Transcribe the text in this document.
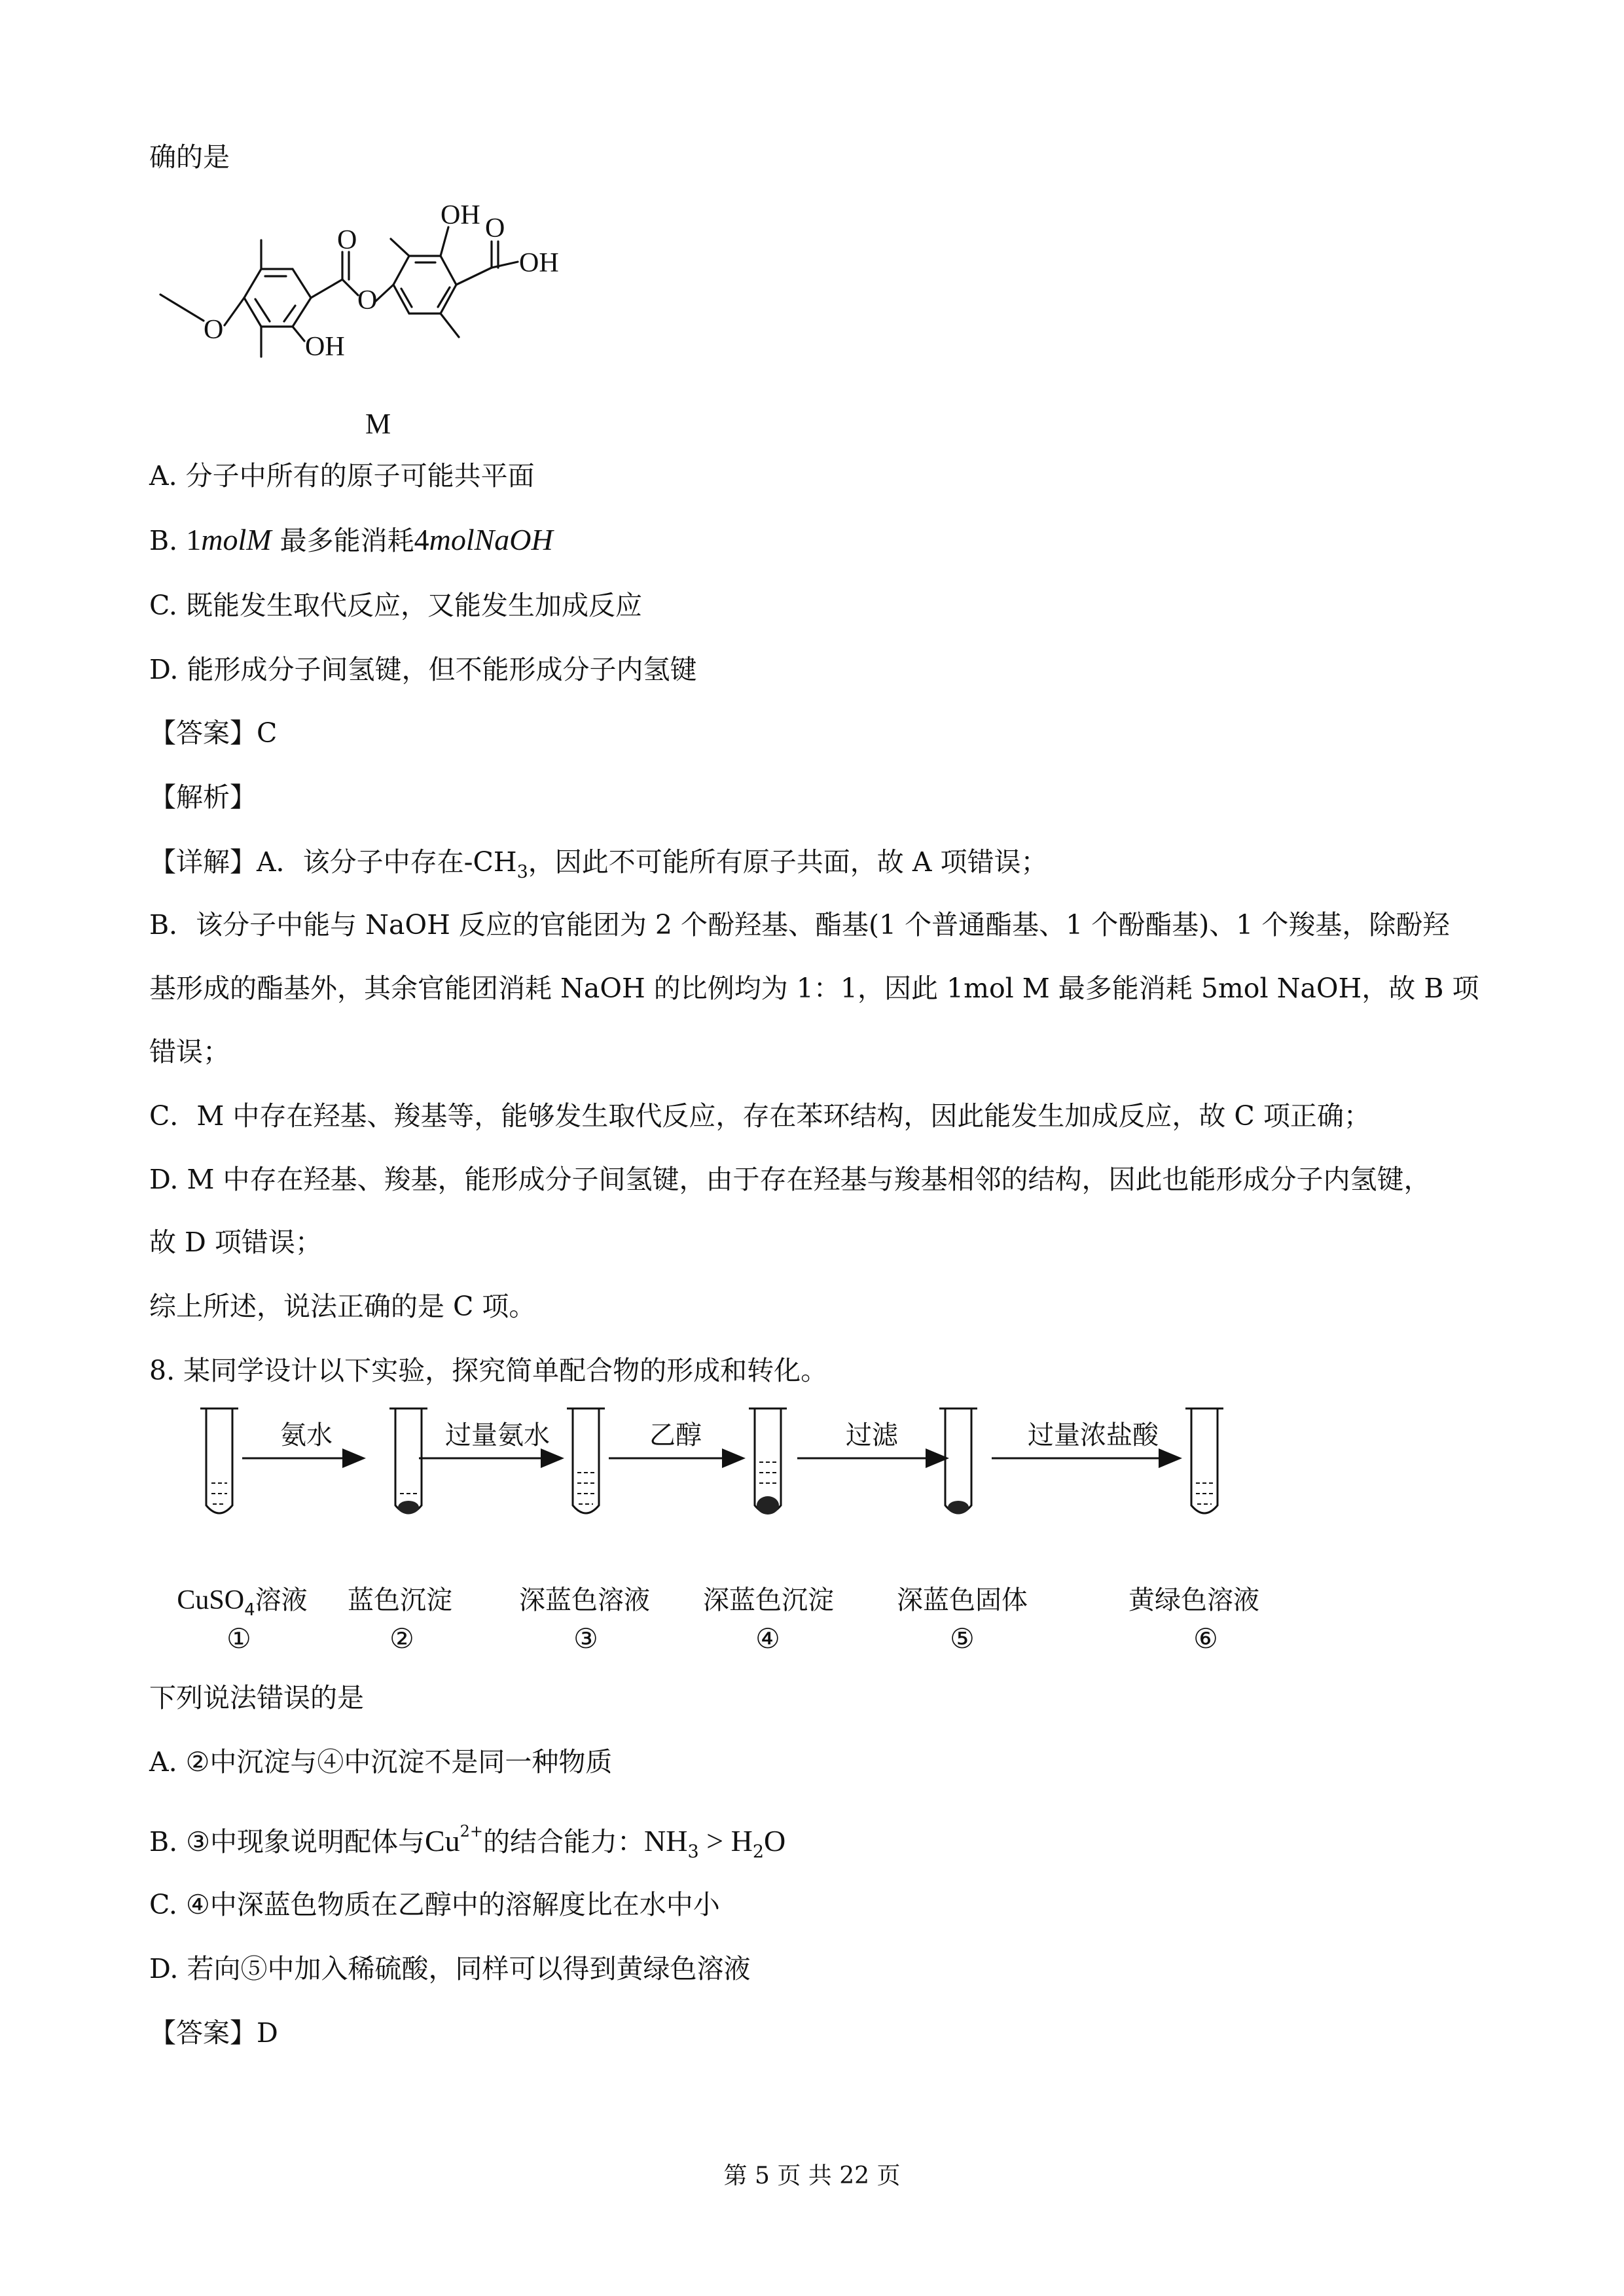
确的是
OH O
OH
O
O
O
OH
M
A. 分子中所有的原子可能共平面
B. 1molM 最多能消耗4molNaOH
C. 既能发生取代反应，又能发生加成反应
D. 能形成分子间氢键，但不能形成分子内氢键
【答案】C
【解析】
【详解】A．该分子中存在$-CH_3$，因此不可能所有原子共面，故 A 项错误；
B．该分子中能与 NaOH 反应的官能团为 2 个酚羟基、酯基(1 个普通酯基、1 个酚酯基)、1 个羧基，除酚羟
基形成的酯基外，其余官能团消耗 NaOH 的比例均为 1：1，因此 1mol M 最多能消耗 5mol NaOH，故 B 项
错误；
C．M 中存在羟基、羧基等，能够发生取代反应，存在苯环结构，因此能发生加成反应，故 C 项正确；
D. M 中存在羟基、羧基，能形成分子间氢键，由于存在羟基与羧基相邻的结构，因此也能形成分子内氢键，
故 D 项错误；
综上所述，说法正确的是 C 项。
8. 某同学设计以下实验，探究简单配合物的形成和转化。
氨水	过量氨水	乙醇	过滤	过量浓盐酸
CuSO$_4$溶液 蓝色沉淀	深蓝色溶液 深蓝色沉淀 深蓝色固体	黄绿色溶液
①	②	③	④	⑤	⑥
下列说法错误的是
A. ②中沉淀与④中沉淀不是同一种物质
B. ③中现象说明配体与$Cu^{2+}$的结合能力：$NH_3 > H_2O$
C. ④中深蓝色物质在乙醇中的溶解度比在水中小
D. 若向⑤中加入稀硫酸，同样可以得到黄绿色溶液
【答案】D
第 5 页 共 22 页
